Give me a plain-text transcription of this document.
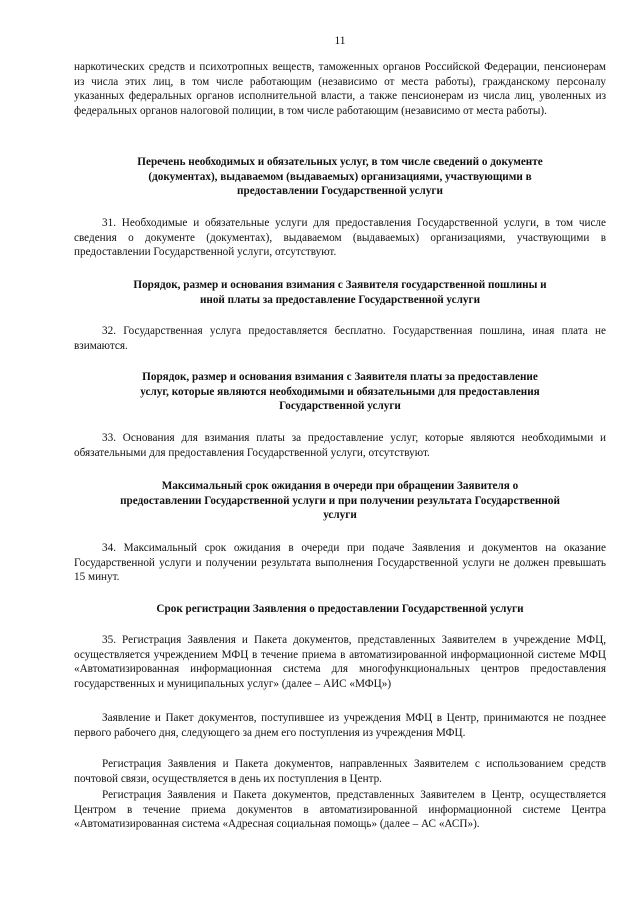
11
наркотических средств и психотропных веществ, таможенных органов Российской Федерации, пенсионерам из числа этих лиц, в том числе работающим (независимо от места работы), гражданскому персоналу указанных федеральных органов исполнительной власти, а также пенсионерам из числа лиц, уволенных из федеральных органов налоговой полиции, в том числе работающим (независимо от места работы).
Перечень необходимых и обязательных услуг, в том числе сведений о документе
(документах), выдаваемом (выдаваемых) организациями, участвующими в
предоставлении Государственной услуги
31. Необходимые и обязательные услуги для предоставления Государственной услуги, в том числе сведения о документе (документах), выдаваемом (выдаваемых) организациями, участвующими в предоставлении Государственной услуги, отсутствуют.
Порядок, размер и основания взимания с Заявителя государственной пошлины и
иной платы за предоставление Государственной услуги
32. Государственная услуга предоставляется бесплатно. Государственная пошлина, иная плата не взимаются.
Порядок, размер и основания взимания с Заявителя платы за предоставление
услуг, которые являются необходимыми и обязательными для предоставления
Государственной услуги
33. Основания для взимания платы за предоставление услуг, которые являются необходимыми и обязательными для предоставления Государственной услуги, отсутствуют.
Максимальный срок ожидания в очереди при обращении Заявителя о
предоставлении Государственной услуги и при получении результата Государственной
услуги
34. Максимальный срок ожидания в очереди при подаче Заявления и документов на оказание Государственной услуги и получении результата выполнения Государственной услуги не должен превышать 15 минут.
Срок регистрации Заявления о предоставлении Государственной услуги
35. Регистрация Заявления и Пакета документов, представленных Заявителем в учреждение МФЦ, осуществляется учреждением МФЦ в течение приема в автоматизированной информационной системе МФЦ «Автоматизированная информационная система для многофункциональных центров предоставления государственных и муниципальных услуг» (далее – АИС «МФЦ»)
Заявление и Пакет документов, поступившее из учреждения МФЦ в Центр, принимаются не позднее первого рабочего дня, следующего за днем его поступления из учреждения МФЦ.
Регистрация Заявления и Пакета документов, направленных Заявителем с использованием средств почтовой связи, осуществляется в день их поступления в Центр.
Регистрация Заявления и Пакета документов, представленных Заявителем в Центр, осуществляется Центром в течение приема документов в автоматизированной информационной системе Центра «Автоматизированная система «Адресная социальная помощь» (далее – АС «АСП»).
